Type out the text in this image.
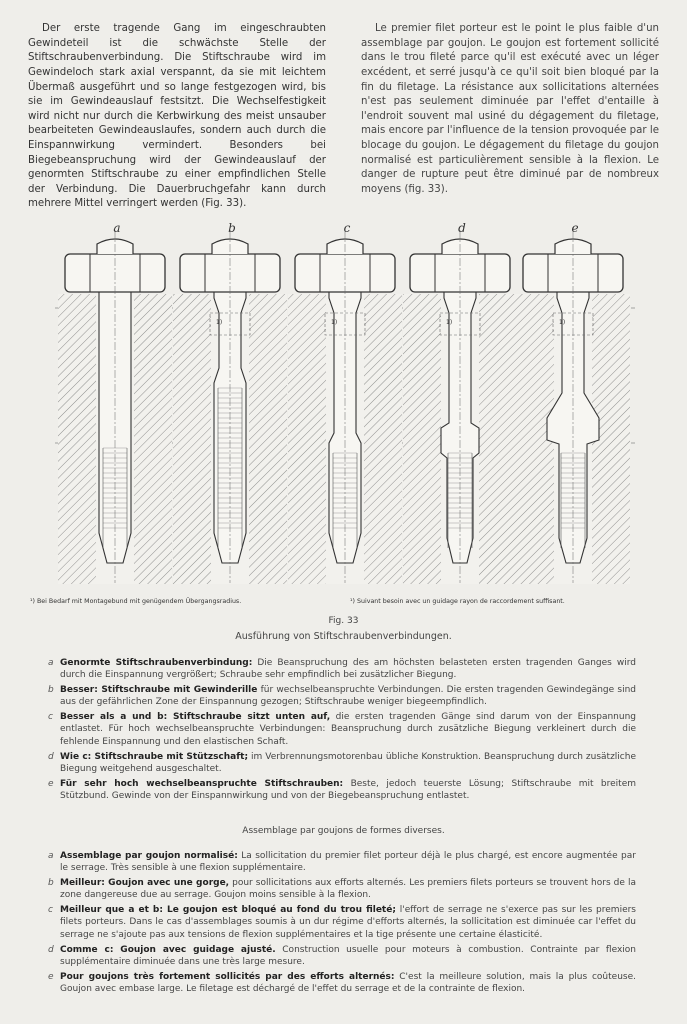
Der erste tragende Gang im eingeschraubten Gewindeteil ist die schwächste Stelle der Stiftschraubenverbindung. Die Stiftschraube wird im Gewindeloch stark axial verspannt, da sie mit leichtem Übermaß ausgeführt und so lange festgezogen wird, bis sie im Gewindeauslauf festsitzt. Die Wechselfestigkeit wird nicht nur durch die Kerbwirkung des meist unsauber bearbeiteten Gewindeauslaufes, sondern auch durch die Einspannwirkung vermindert. Besonders bei Biegebeanspruchung wird der Gewindeauslauf der genormten Stiftschraube zu einer empfindlichen Stelle der Verbindung. Die Dauerbruchgefahr kann durch mehrere Mittel verringert werden (Fig. 33).

Le premier filet porteur est le point le plus faible d'un assemblage par goujon. Le goujon est fortement sollicité dans le trou fileté parce qu'il est exécuté avec un léger excédent, et serré jusqu'à ce qu'il soit bien bloqué par la fin du filetage. La résistance aux sollicitations alternées n'est pas seulement diminuée par l'effet d'entaille à l'endroit souvent mal usiné du dégagement du filetage, mais encore par l'influence de la tension provoquée par le blocage du goujon. Le dégagement du filetage du goujon normalisé est particulièrement sensible à la flexion. Le danger de rupture peut être diminué par de nombreux moyens (fig. 33).

a	b
1)
c
1)
d
1)
e
1)
¹) Bei Bedarf mit Montagebund mit genügendem Übergangsradius.	¹) Suivant besoin avec un guidage rayon de raccordement suffisant.
Fig. 33
Ausführung von Stiftschraubenverbindungen.
a Genormte Stiftschraubenverbindung: Die Beanspruchung des am höchsten belasteten ersten tragenden Ganges wird durch die Einspannung vergrößert; Schraube sehr empfindlich bei zusätzlicher Biegung.
b Besser: Stiftschraube mit Gewinderille für wechselbeanspruchte Verbindungen. Die ersten tragenden Gewindegänge sind aus der gefährlichen Zone der Einspannung gezogen; Stiftschraube weniger biegeempfindlich.
c Besser als a und b: Stiftschraube sitzt unten auf, die ersten tragenden Gänge sind darum von der Einspannung entlastet. Für hoch wechselbeanspruchte Verbindungen: Beanspruchung durch zusätzliche Biegung verkleinert durch die fehlende Einspannung und den elastischen Schaft.
d Wie c: Stiftschraube mit Stützschaft; im Verbrennungsmotorenbau übliche Konstruktion. Beanspruchung durch zusätzliche Biegung weitgehend ausgeschaltet.
e Für sehr hoch wechselbeanspruchte Stiftschrauben: Beste, jedoch teuerste Lösung; Stiftschraube mit breitem Stützbund. Gewinde von der Einspannwirkung und von der Biegebeanspruchung entlastet.
Assemblage par goujons de formes diverses.
a Assemblage par goujon normalisé: La sollicitation du premier filet porteur déjà le plus chargé, est encore augmentée par le serrage. Très sensible à une flexion supplémentaire.
b Meilleur: Goujon avec une gorge, pour sollicitations aux efforts alternés. Les premiers filets porteurs se trouvent hors de la zone dangereuse due au serrage. Goujon moins sensible à la flexion.
c Meilleur que a et b: Le goujon est bloqué au fond du trou fileté; l'effort de serrage ne s'exerce pas sur les premiers filets porteurs. Dans le cas d'assemblages soumis à un dur régime d'efforts alternés, la sollicitation est diminuée car l'effet du serrage ne s'ajoute pas aux tensions de flexion supplémentaires et la tige présente une certaine élasticité.
d Comme c: Goujon avec guidage ajusté. Construction usuelle pour moteurs à combustion. Contrainte par flexion supplémentaire diminuée dans une très large mesure.
e Pour goujons très fortement sollicités par des efforts alternés: C'est la meilleure solution, mais la plus coûteuse. Goujon avec embase large. Le filetage est déchargé de l'effet du serrage et de la contrainte de flexion.
